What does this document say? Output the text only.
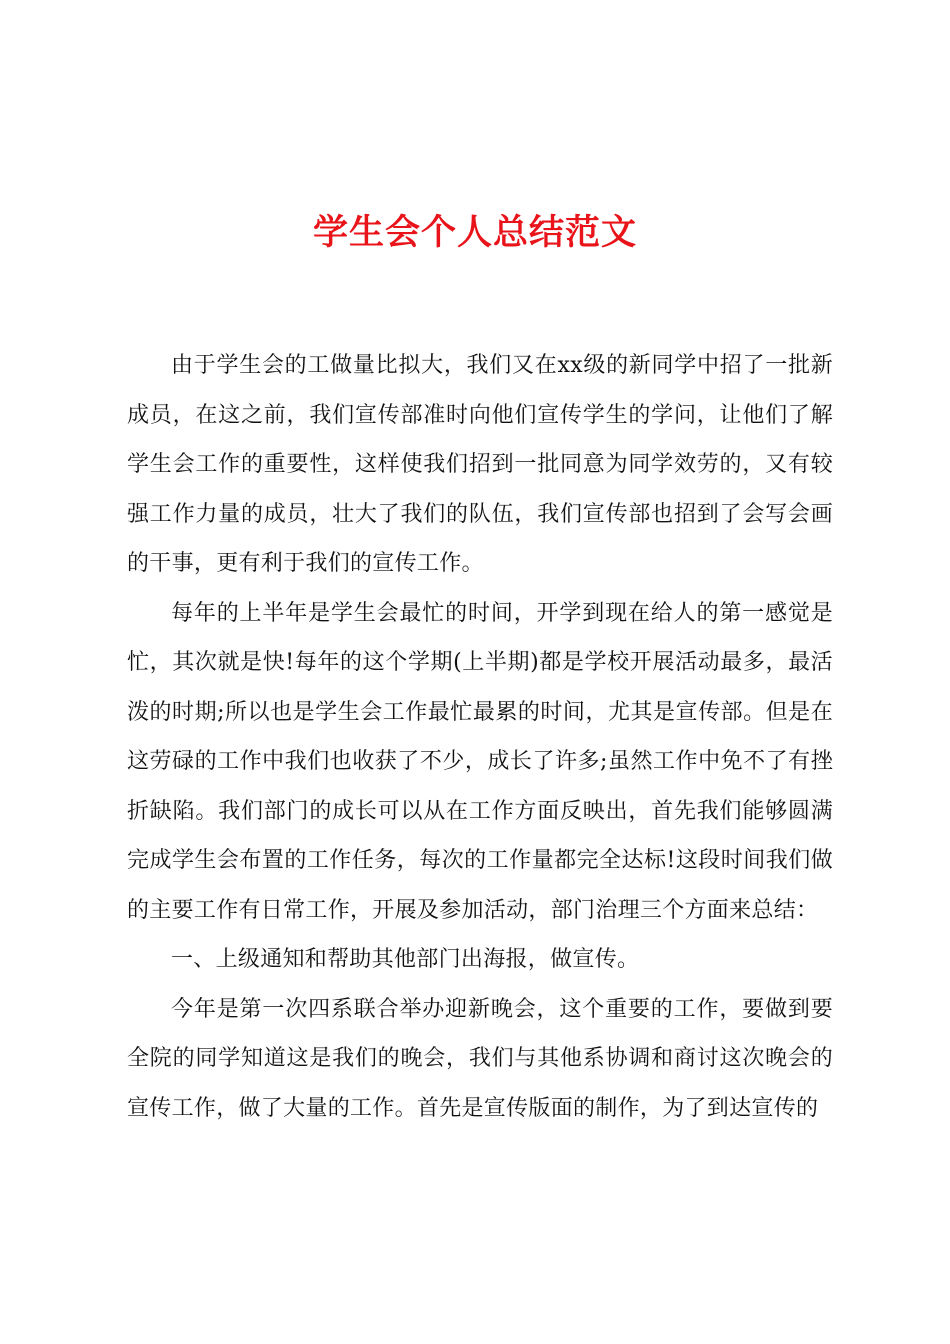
学生会个人总结范文

由于学生会的工做量比拟大，我们又在xx级的新同学中招了一批新成员，在这之前，我们宣传部准时向他们宣传学生的学问，让他们了解学生会工作的重要性，这样使我们招到一批同意为同学效劳的，又有较强工作力量的成员，壮大了我们的队伍，我们宣传部也招到了会写会画的干事，更有利于我们的宣传工作。

每年的上半年是学生会最忙的时间，开学到现在给人的第一感觉是忙，其次就是快!每年的这个学期(上半期)都是学校开展活动最多，最活泼的时期;所以也是学生会工作最忙最累的时间，尤其是宣传部。但是在这劳碌的工作中我们也收获了不少，成长了许多;虽然工作中免不了有挫折缺陷。我们部门的成长可以从在工作方面反映出，首先我们能够圆满完成学生会布置的工作任务，每次的工作量都完全达标!这段时间我们做的主要工作有日常工作，开展及参加活动，部门治理三个方面来总结：

一、上级通知和帮助其他部门出海报，做宣传。

今年是第一次四系联合举办迎新晚会，这个重要的工作，要做到要全院的同学知道这是我们的晚会，我们与其他系协调和商讨这次晚会的宣传工作，做了大量的工作。首先是宣传版面的制作，为了到达宣传的
